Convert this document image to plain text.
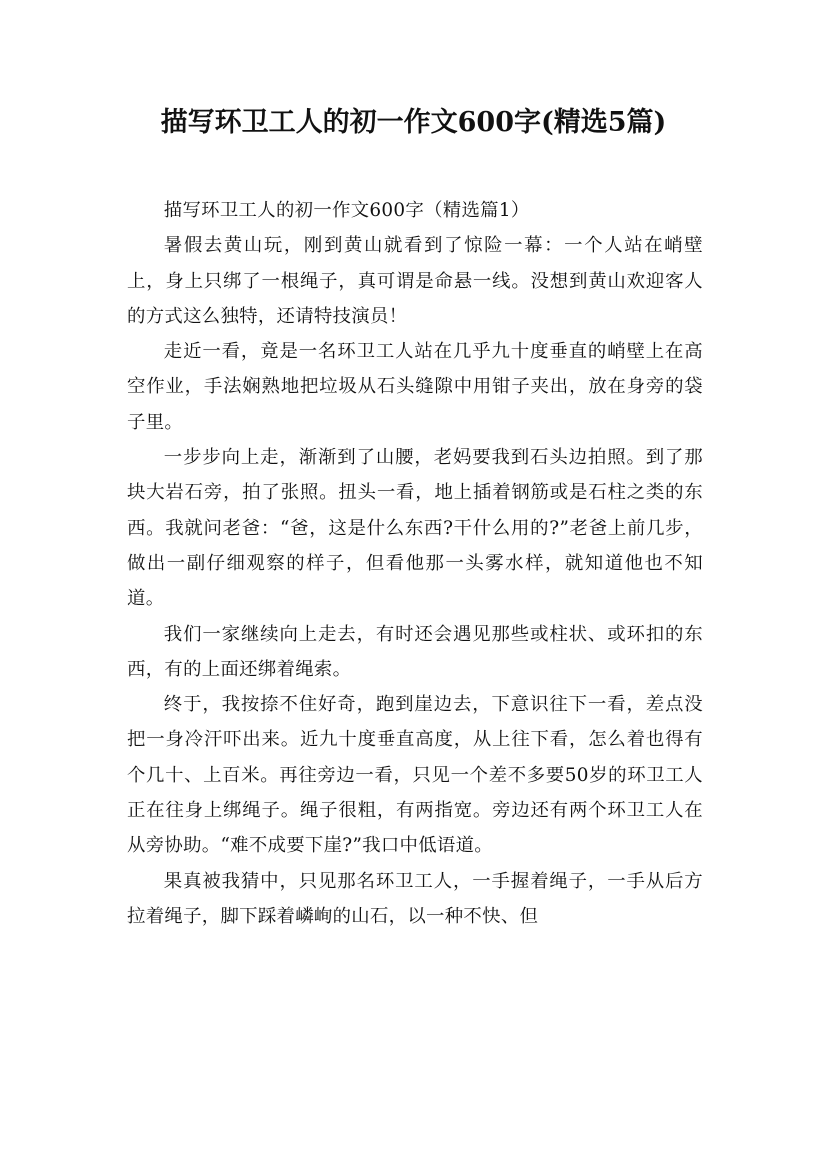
描写环卫工人的初一作文600字(精选5篇)

描写环卫工人的初一作文600字（精选篇1）

暑假去黄山玩，刚到黄山就看到了惊险一幕：一个人站在峭壁上，身上只绑了一根绳子，真可谓是命悬一线。没想到黄山欢迎客人的方式这么独特，还请特技演员！

走近一看，竟是一名环卫工人站在几乎九十度垂直的峭壁上在高空作业，手法娴熟地把垃圾从石头缝隙中用钳子夹出，放在身旁的袋子里。

一步步向上走，渐渐到了山腰，老妈要我到石头边拍照。到了那块大岩石旁，拍了张照。扭头一看，地上插着钢筋或是石柱之类的东西。我就问老爸：“爸，这是什么东西?干什么用的?”老爸上前几步，做出一副仔细观察的样子，但看他那一头雾水样，就知道他也不知道。

我们一家继续向上走去，有时还会遇见那些或柱状、或环扣的东西，有的上面还绑着绳索。

终于，我按捺不住好奇，跑到崖边去，下意识往下一看，差点没把一身冷汗吓出来。近九十度垂直高度，从上往下看，怎么着也得有个几十、上百米。再往旁边一看，只见一个差不多要50岁的环卫工人正在往身上绑绳子。绳子很粗，有两指宽。旁边还有两个环卫工人在从旁协助。“难不成要下崖?”我口中低语道。

果真被我猜中，只见那名环卫工人，一手握着绳子，一手从后方拉着绳子，脚下踩着嶙峋的山石，以一种不快、但
